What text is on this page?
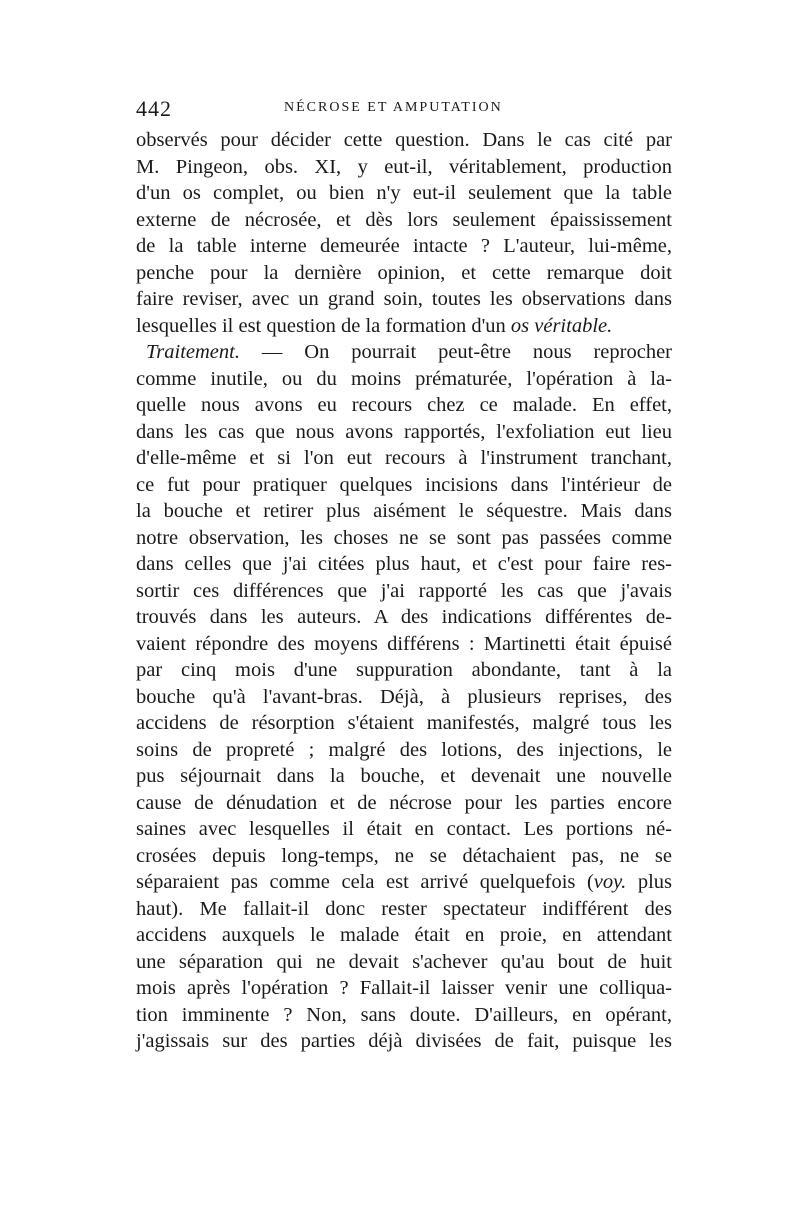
442	NÉCROSE ET AMPUTATION
observés pour décider cette question. Dans le cas cité par
M. Pingeon, obs. XI, y eut-il, véritablement, production
d'un os complet, ou bien n'y eut-il seulement que la table
externe de nécrosée, et dès lors seulement épaississement
de la table interne demeurée intacte ? L'auteur, lui-même,
penche pour la dernière opinion, et cette remarque doit
faire reviser, avec un grand soin, toutes les observations dans
lesquelles il est question de la formation d'un os véritable.
Traitement. — On pourrait peut-être nous reprocher
comme inutile, ou du moins prématurée, l'opération à la-
quelle nous avons eu recours chez ce malade. En effet,
dans les cas que nous avons rapportés, l'exfoliation eut lieu
d'elle-même et si l'on eut recours à l'instrument tranchant,
ce fut pour pratiquer quelques incisions dans l'intérieur de
la bouche et retirer plus aisément le séquestre. Mais dans
notre observation, les choses ne se sont pas passées comme
dans celles que j'ai citées plus haut, et c'est pour faire res-
sortir ces différences que j'ai rapporté les cas que j'avais
trouvés dans les auteurs. A des indications différentes de-
vaient répondre des moyens différens : Martinetti était épuisé
par cinq mois d'une suppuration abondante, tant à la
bouche qu'à l'avant-bras. Déjà, à plusieurs reprises, des
accidens de résorption s'étaient manifestés, malgré tous les
soins de propreté ; malgré des lotions, des injections, le
pus séjournait dans la bouche, et devenait une nouvelle
cause de dénudation et de nécrose pour les parties encore
saines avec lesquelles il était en contact. Les portions né-
crosées depuis long-temps, ne se détachaient pas, ne se
séparaient pas comme cela est arrivé quelquefois (voy. plus
haut). Me fallait-il donc rester spectateur indifférent des
accidens auxquels le malade était en proie, en attendant
une séparation qui ne devait s'achever qu'au bout de huit
mois après l'opération ? Fallait-il laisser venir une colliqua-
tion imminente ? Non, sans doute. D'ailleurs, en opérant,
j'agissais sur des parties déjà divisées de fait, puisque les
